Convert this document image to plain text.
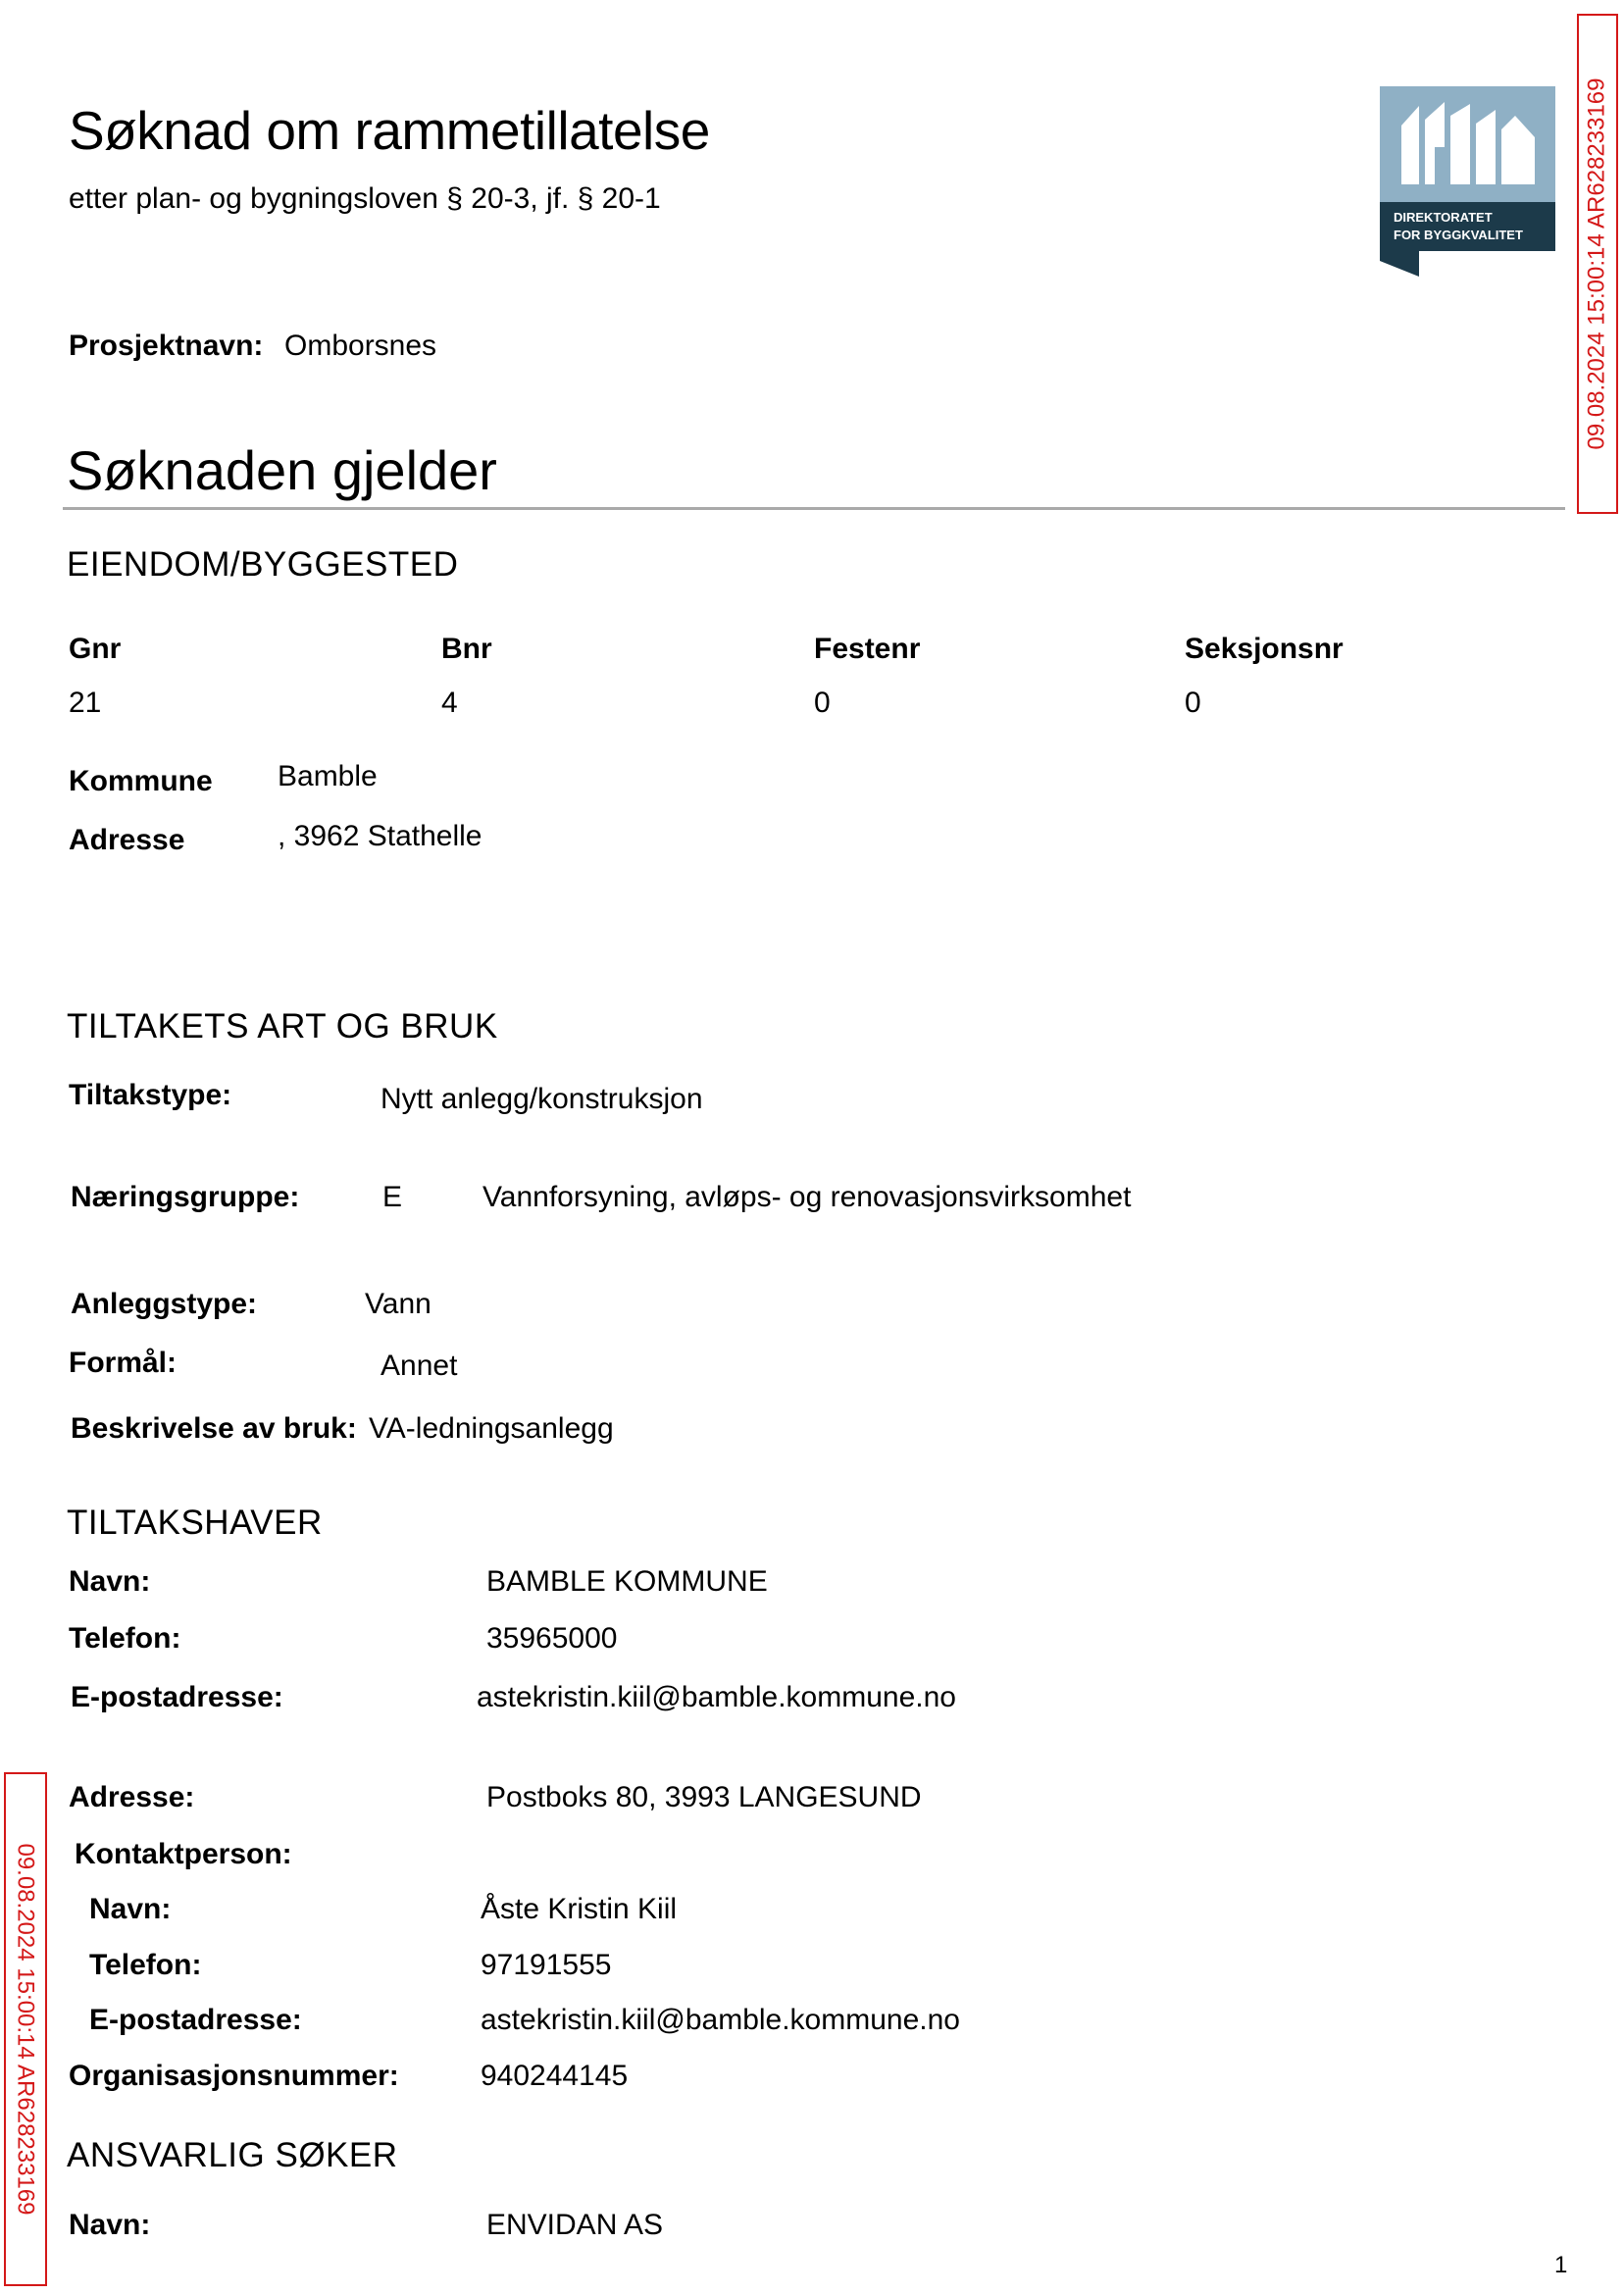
Søknad om rammetillatelse
etter plan- og bygningsloven § 20-3, jf. § 20-1
DIREKTORATET
FOR BYGGKVALITET	09.08.2024 15:00:14 AR628233169
Prosjektnavn: Omborsnes
Søknaden gjelder
EIENDOM/BYGGESTED
Gnr	Bnr	Festenr	Seksjonsnr
21	4	0	0
Kommune Bamble
Adresse	, 3962 Stathelle
TILTAKETS ART OG BRUK
Tiltakstype:	Nytt anlegg/konstruksjon
Næringsgruppe:	E	Vannforsyning, avløps- og renovasjonsvirksomhet
Anleggstype:	Vann
Formål:	Annet
Beskrivelse av bruk: VA-ledningsanlegg
TILTAKSHAVER
Navn:	BAMBLE KOMMUNE
Telefon:	35965000
E-postadresse:	astekristin.kiil@bamble.kommune.no
Adresse:	Postboks 80, 3993 LANGESUND
Kontaktperson:
Navn:	Åste Kristin Kiil
Telefon:	97191555
E-postadresse:	astekristin.kiil@bamble.kommune.no
Organisasjonsnummer:	940244145
ANSVARLIG SØKER
Navn:	ENVIDAN AS
09.08.2024 15:00:14 AR628233169
1
